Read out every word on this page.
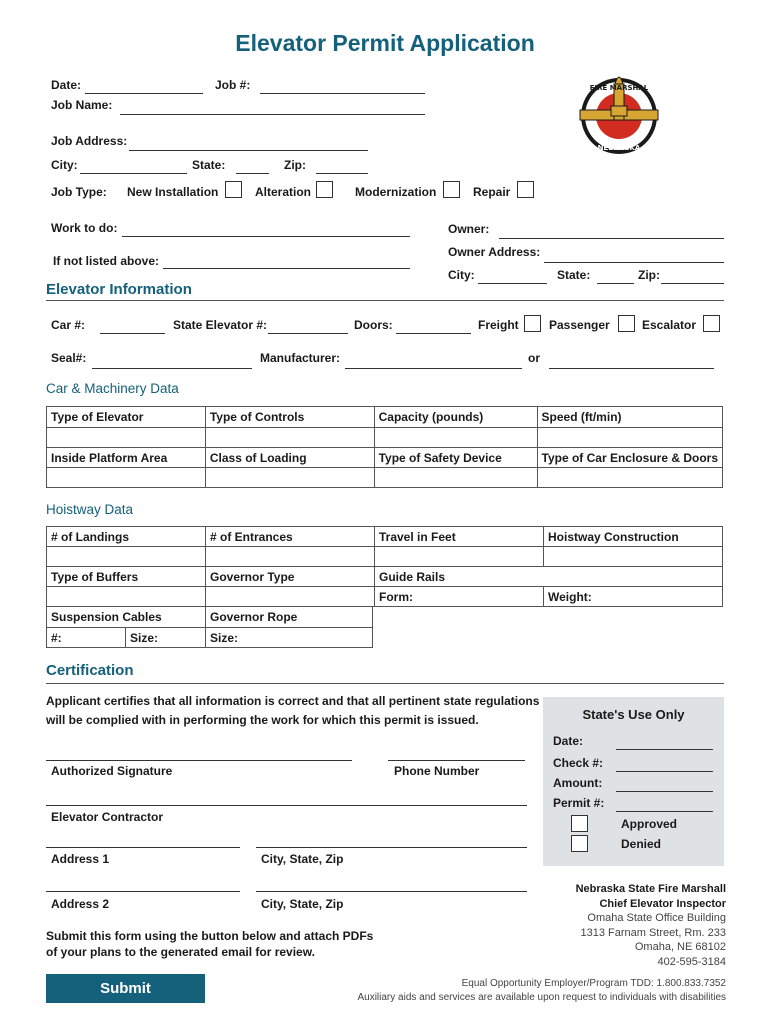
Elevator Permit Application
FIRE MARSHAL
NEBRASKA
Date:	Job #:
Job Name:
Job Address:
City:	State:	Zip:
Job Type: New Installation	Alteration	Modernization	Repair
Work to do:
If not listed above:
Owner:
Owner Address:
City:	State:	Zip:
Elevator Information
Car #:	State Elevator #:	Doors:	Freight	Passenger	Escalator
Seal#:	Manufacturer:	or
Car & Machinery Data
Type of Elevator	Type of Controls	Capacity (pounds)	Speed (ft/min)

Inside Platform Area	Class of Loading	Type of Safety Device	Type of Car Enclosure & Doors

Hoistway Data
# of Landings	# of Entrances	Travel in Feet	Hoistway Construction

Type of Buffers	Governor Type	Guide Rails	
		Form:	Weight:
Suspension Cables		Governor Rope
#:	Size:	Size:
Certification
Applicant certifies that all information is correct and that all pertinent state regulations
will be complied with in performing the work for which this permit is issued.
Authorized Signature	Phone Number
Elevator Contractor
Address 1	City, State, Zip
Address 2	City, State, Zip
Submit this form using the button below and attach PDFs
of your plans to the generated email for review.
State's Use Only
Date:
Check #:
Amount:
Permit #:
Approved
Denied
Nebraska State Fire Marshall
Chief Elevator Inspector
Omaha State Office Building
1313 Farnam Street, Rm. 233
Omaha, NE 68102
402-595-3184
Equal Opportunity Employer/Program TDD: 1.800.833.7352
Auxiliary aids and services are available upon request to individuals with disabilities
Submit
